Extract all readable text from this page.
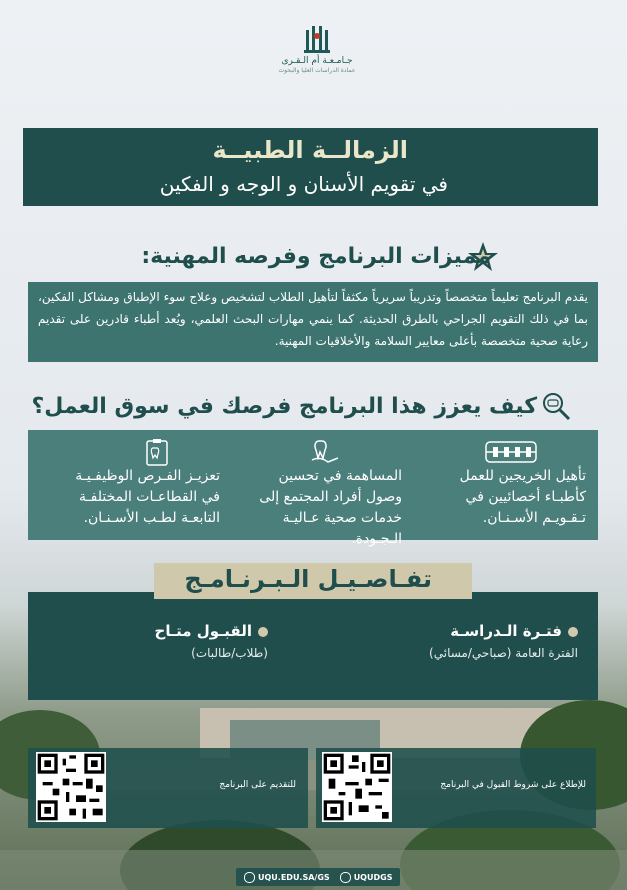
جـامـعـة أم الـقـرى
عمادة الدراسات العليا والبحوث
الزمالــة الطبيــة
في تقويم الأسنان و الوجه و الفكين
مميزات البرنامج وفرصه المهنية:
يقدم البرنامج تعليماً متخصصاً وتدريباً سريرياً مكثفاً لتأهيل الطلاب لتشخيص وعلاج سوء الإطباق ومشاكل الفكين، بما في ذلك التقويم الجراحي بالطرق الحديثة. كما ينمي مهارات البحث العلمي، ويُعد أطباء قادرين على تقديم رعاية صحية متخصصة بأعلى معايير السلامة والأخلاقيات المهنية.
كيف يعزز هذا البرنامج فرصك في سوق العمل؟
تأهيل الخريجين للعمل كأطبـاء أخصائيين في تـقـويـم الأسـنـان.
المساهمة في تحسين وصول أفراد المجتمع إلى خدمات صحية عـاليـة الـجـودة.
تعزيـز الفـرص الوظيفـيـة في القطاعـات المختلفـة التابعـة لطـب الأسـنـان.
فتـرة الـدراسـة
الفترة العامة (صباحي/مسائي)
القبـول متـاح
(طلاب/طالبات)
تفـاصـيـل الـبـرنـامـج
للتقديم على البرنامج	للإطلاع على شروط القبول في البرنامج
UQU.EDU.SA/GS	UQUDGS
